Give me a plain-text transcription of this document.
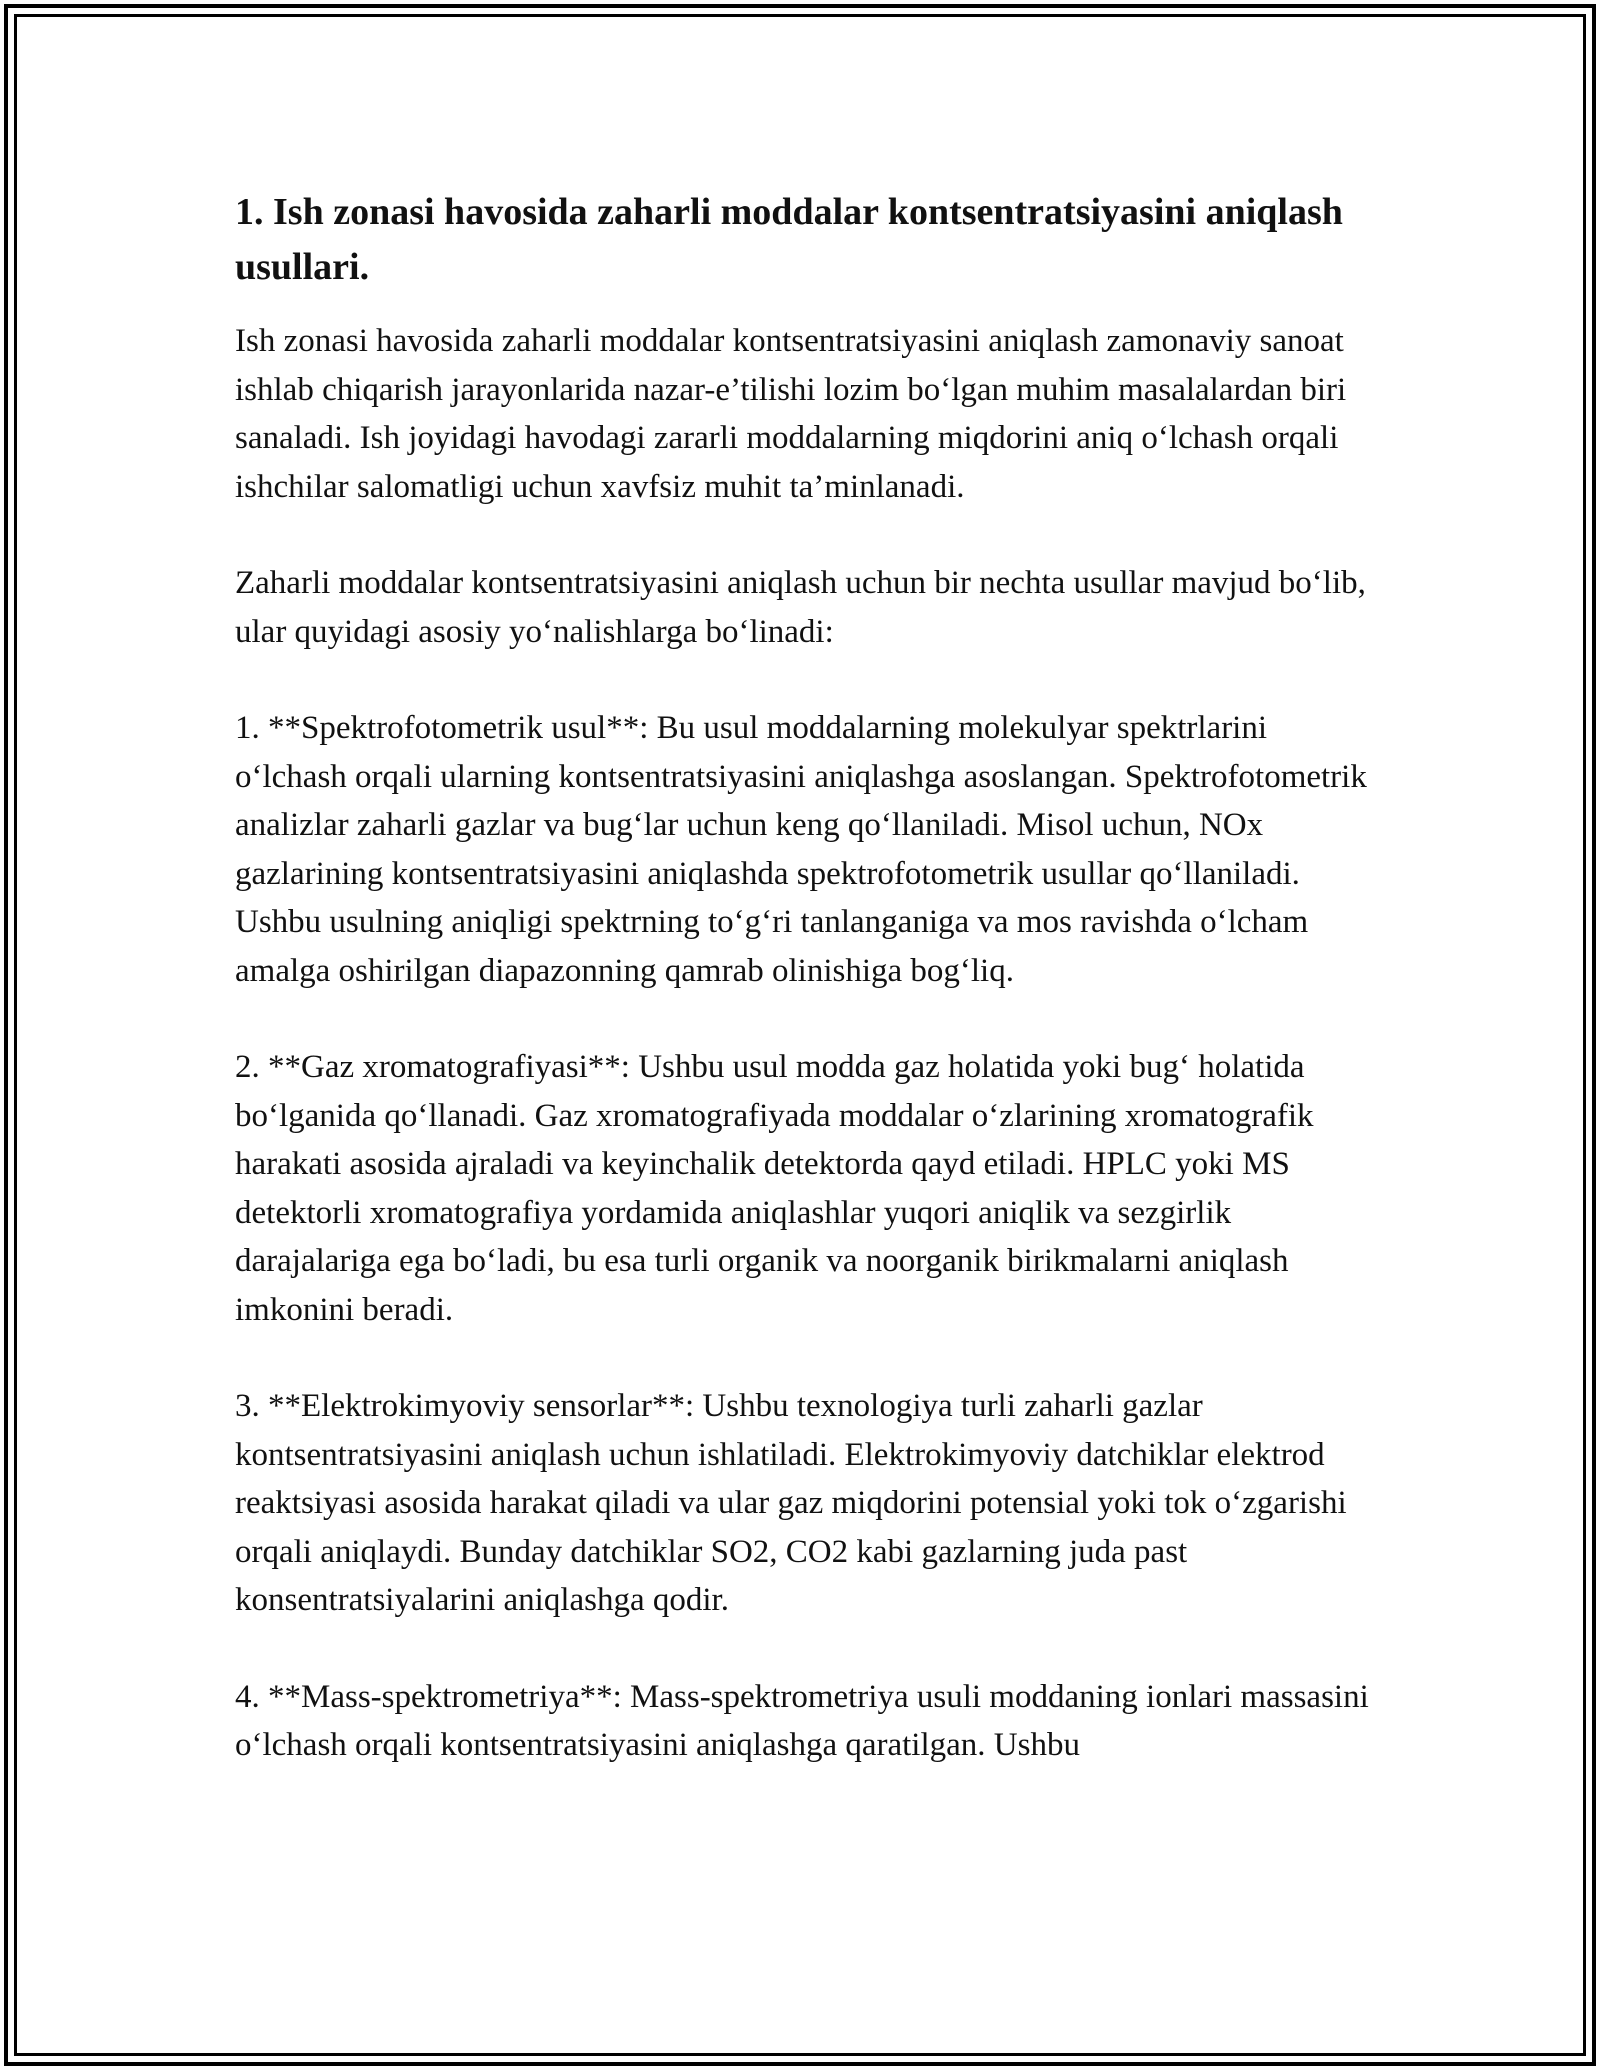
1. Ish zonasi havosida zaharli moddalar kontsentratsiyasini aniqlash usullari.

Ish zonasi havosida zaharli moddalar kontsentratsiyasini aniqlash zamonaviy sanoat ishlab chiqarish jarayonlarida nazar-e’tilishi lozim bo‘lgan muhim masalalardan biri sanaladi. Ish joyidagi havodagi zararli moddalarning miqdorini aniq o‘lchash orqali ishchilar salomatligi uchun xavfsiz muhit ta’minlanadi.

Zaharli moddalar kontsentratsiyasini aniqlash uchun bir nechta usullar mavjud bo‘lib, ular quyidagi asosiy yo‘nalishlarga bo‘linadi:

1. **Spektrofotometrik usul**: Bu usul moddalarning molekulyar spektrlarini o‘lchash orqali ularning kontsentratsiyasini aniqlashga asoslangan. Spektrofotometrik analizlar zaharli gazlar va bug‘lar uchun keng qo‘llaniladi. Misol uchun, NOx gazlarining kontsentratsiyasini aniqlashda spektrofotometrik usullar qo‘llaniladi. Ushbu usulning aniqligi spektrning to‘g‘ri tanlanganiga va mos ravishda o‘lcham amalga oshirilgan diapazonning qamrab olinishiga bog‘liq.

2. **Gaz xromatografiyasi**: Ushbu usul modda gaz holatida yoki bug‘ holatida bo‘lganida qo‘llanadi. Gaz xromatografiyada moddalar o‘zlarining xromatografik harakati asosida ajraladi va keyinchalik detektorda qayd etiladi. HPLC yoki MS detektorli xromatografiya yordamida aniqlashlar yuqori aniqlik va sezgirlik darajalariga ega bo‘ladi, bu esa turli organik va noorganik birikmalarni aniqlash imkonini beradi.

3. **Elektrokimyoviy sensorlar**: Ushbu texnologiya turli zaharli gazlar kontsentratsiyasini aniqlash uchun ishlatiladi. Elektrokimyoviy datchiklar elektrod reaktsiyasi asosida harakat qiladi va ular gaz miqdorini potensial yoki tok o‘zgarishi orqali aniqlaydi. Bunday datchiklar SO2, CO2 kabi gazlarning juda past konsentratsiyalarini aniqlashga qodir.

4. **Mass-spektrometriya**: Mass-spektrometriya usuli moddaning ionlari massasini o‘lchash orqali kontsentratsiyasini aniqlashga qaratilgan. Ushbu
